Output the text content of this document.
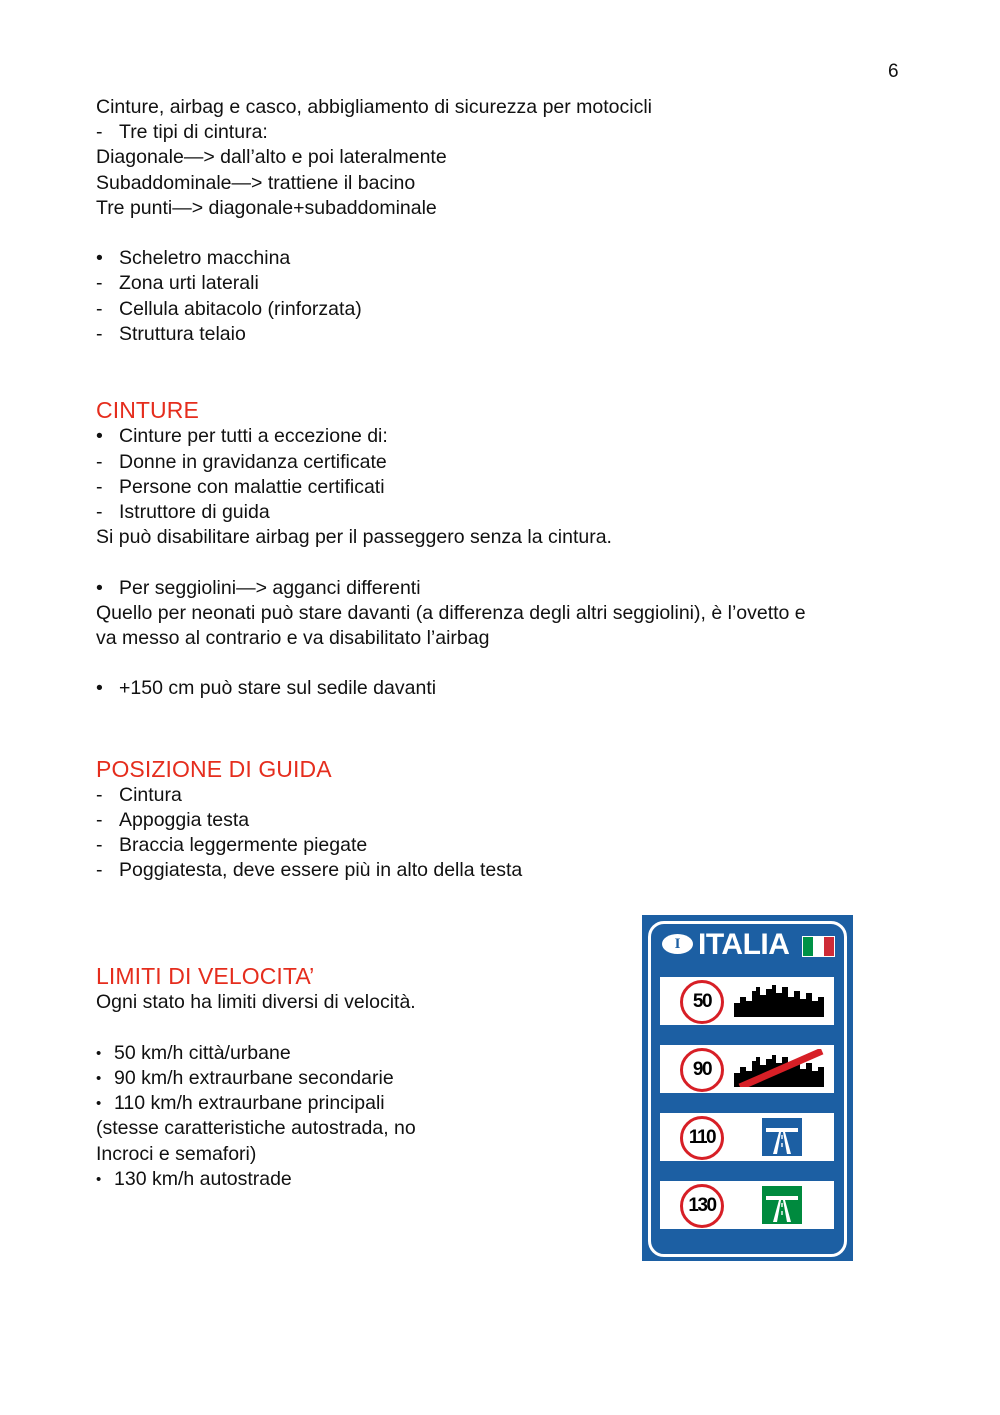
6

Cinture, airbag e casco, abbigliamento di sicurezza per motocicli

- Tre tipi di cintura:

Diagonale—> dall’alto e poi lateralmente

Subaddominale—> trattiene il bacino

Tre punti—> diagonale+subaddominale

• Scheletro macchina
- Zona urti laterali
- Cellula abitacolo (rinforzata)
- Struttura telaio

CINTURE

• Cinture per tutti a eccezione di:
- Donne in gravidanza certificate
- Persone con malattie certificati
- Istruttore di guida

Si può disabilitare airbag per il passeggero senza la cintura.

• Per seggiolini—> agganci differenti

Quello per neonati può stare davanti (a differenza degli altri seggiolini), è l’ovetto e

va messo al contrario e va disabilitato l’airbag

• +150 cm può stare sul sedile davanti

POSIZIONE DI GUIDA

- Cintura
- Appoggia testa
- Braccia leggermente piegate
- Poggiatesta, deve essere più in alto della testa

LIMITI DI VELOCITA’

Ogni stato ha limiti diversi di velocità.

• 50 km/h città/urbane
• 90 km/h extraurbane secondarie
• 110 km/h extraurbane principali

(stesse caratteristiche autostrada, no

Incroci e semafori)

• 130 km/h autostrade
I ITALIA
50
90
110
130
